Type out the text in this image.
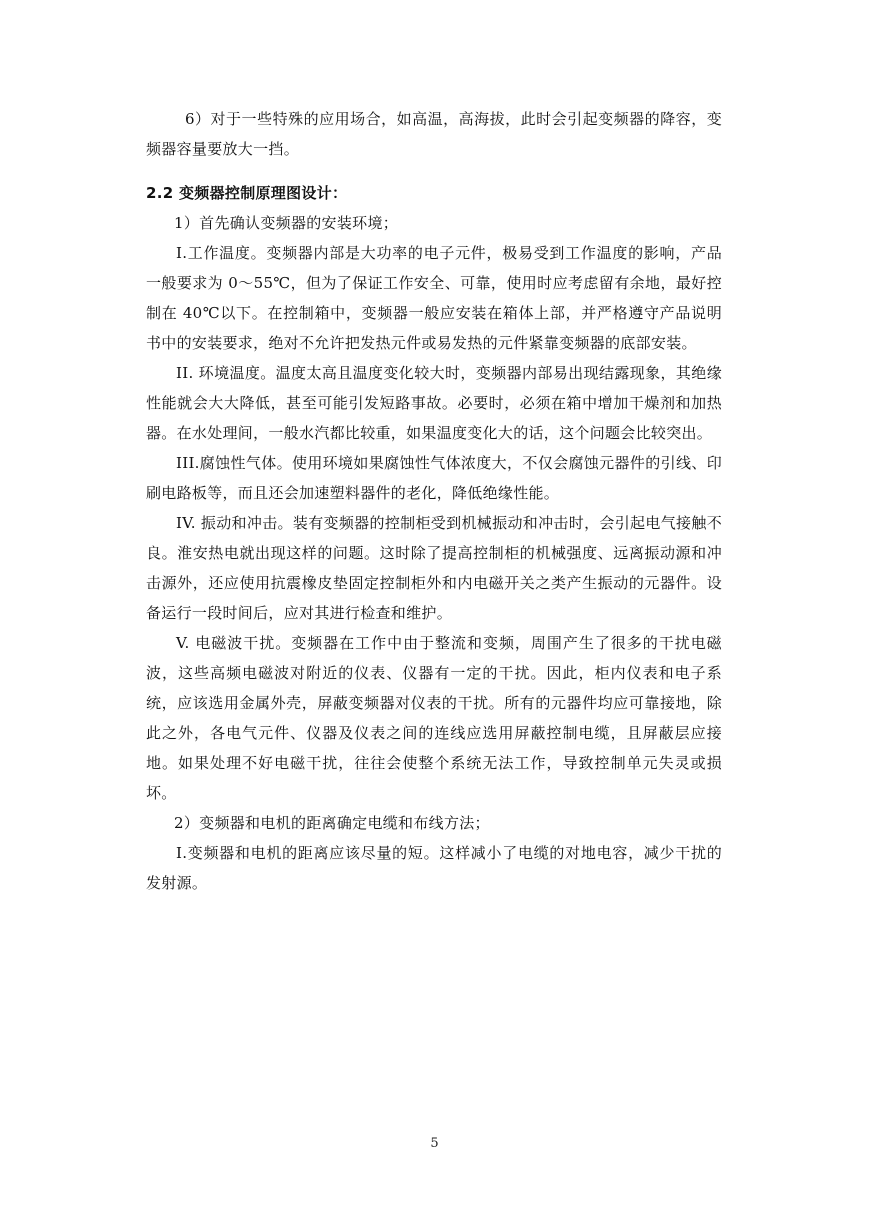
6）对于一些特殊的应用场合，如高温，高海拔，此时会引起变频器的降容，变频器容量要放大一挡。

2.2 变频器控制原理图设计：

1）首先确认变频器的安装环境；

I.工作温度。变频器内部是大功率的电子元件，极易受到工作温度的影响，产品一般要求为 0～55℃，但为了保证工作安全、可靠，使用时应考虑留有余地，最好控制在 40℃以下。在控制箱中，变频器一般应安装在箱体上部，并严格遵守产品说明书中的安装要求，绝对不允许把发热元件或易发热的元件紧靠变频器的底部安装。

II. 环境温度。温度太高且温度变化较大时，变频器内部易出现结露现象，其绝缘性能就会大大降低，甚至可能引发短路事故。必要时，必须在箱中增加干燥剂和加热器。在水处理间，一般水汽都比较重，如果温度变化大的话，这个问题会比较突出。

III.腐蚀性气体。使用环境如果腐蚀性气体浓度大，不仅会腐蚀元器件的引线、印刷电路板等，而且还会加速塑料器件的老化，降低绝缘性能。

IV. 振动和冲击。装有变频器的控制柜受到机械振动和冲击时，会引起电气接触不良。淮安热电就出现这样的问题。这时除了提高控制柜的机械强度、远离振动源和冲击源外，还应使用抗震橡皮垫固定控制柜外和内电磁开关之类产生振动的元器件。设备运行一段时间后，应对其进行检查和维护。

V. 电磁波干扰。变频器在工作中由于整流和变频，周围产生了很多的干扰电磁波，这些高频电磁波对附近的仪表、仪器有一定的干扰。因此，柜内仪表和电子系统，应该选用金属外壳，屏蔽变频器对仪表的干扰。所有的元器件均应可靠接地，除此之外，各电气元件、仪器及仪表之间的连线应选用屏蔽控制电缆，且屏蔽层应接地。如果处理不好电磁干扰，往往会使整个系统无法工作，导致控制单元失灵或损坏。

2）变频器和电机的距离确定电缆和布线方法；

I.变频器和电机的距离应该尽量的短。这样减小了电缆的对地电容，减少干扰的发射源。

5
